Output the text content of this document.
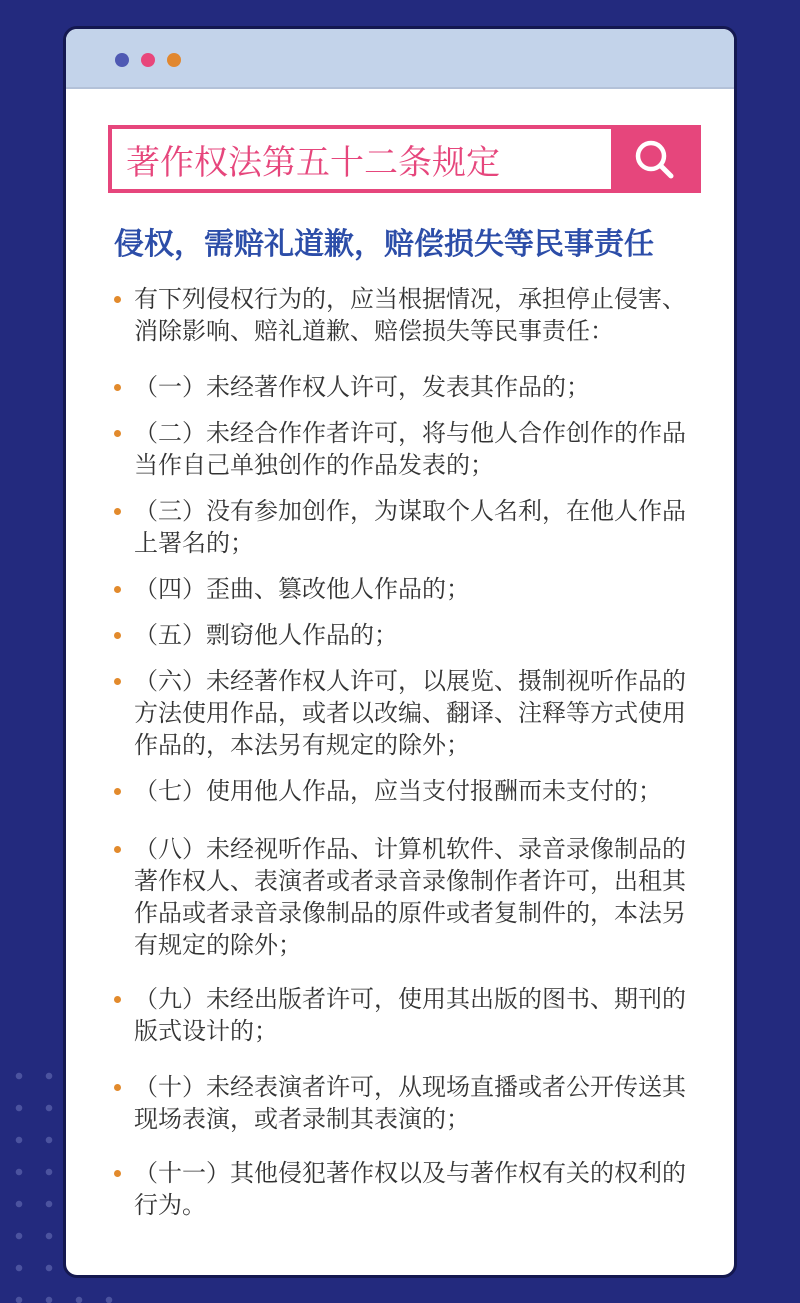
著作权法第五十二条规定
侵权，需赔礼道歉，赔偿损失等民事责任
有下列侵权行为的，应当根据情况，承担停止侵害、消除影响、赔礼道歉、赔偿损失等民事责任：
（一）未经著作权人许可，发表其作品的；
（二）未经合作作者许可，将与他人合作创作的作品当作自己单独创作的作品发表的；
（三）没有参加创作，为谋取个人名利，在他人作品上署名的；
（四）歪曲、篡改他人作品的；
（五）剽窃他人作品的；
（六）未经著作权人许可，以展览、摄制视听作品的方法使用作品，或者以改编、翻译、注释等方式使用作品的，本法另有规定的除外；
（七）使用他人作品，应当支付报酬而未支付的；
（八）未经视听作品、计算机软件、录音录像制品的著作权人、表演者或者录音录像制作者许可，出租其作品或者录音录像制品的原件或者复制件的，本法另有规定的除外；
（九）未经出版者许可，使用其出版的图书、期刊的版式设计的；
（十）未经表演者许可，从现场直播或者公开传送其现场表演，或者录制其表演的；
（十一）其他侵犯著作权以及与著作权有关的权利的行为。
